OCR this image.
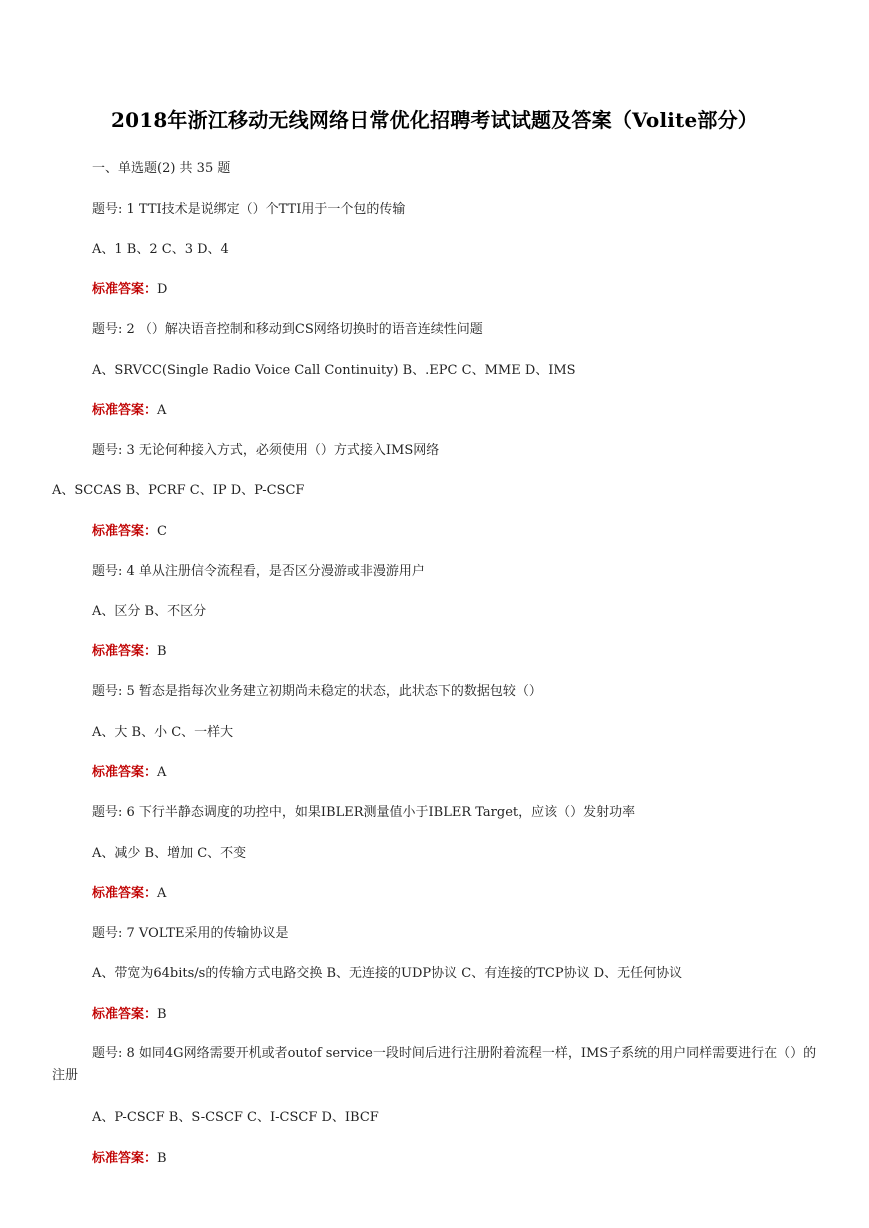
2018年浙江移动无线网络日常优化招聘考试试题及答案（Volite部分）
一、单选题(2) 共 35 题
题号: 1 TTI技术是说绑定（）个TTI用于一个包的传输
A、1 B、2 C、3 D、4
标准答案：D
题号: 2 （）解决语音控制和移动到CS网络切换时的语音连续性问题
A、SRVCC(Single Radio Voice Call Continuity) B、.EPC C、MME D、IMS
标准答案：A
题号: 3 无论何种接入方式，必须使用（）方式接入IMS网络
A、SCCAS B、PCRF C、IP D、P-CSCF
标准答案：C
题号: 4 单从注册信令流程看，是否区分漫游或非漫游用户
A、区分 B、不区分
标准答案：B
题号: 5 暂态是指每次业务建立初期尚未稳定的状态，此状态下的数据包较（）
A、大 B、小 C、一样大
标准答案：A
题号: 6 下行半静态调度的功控中，如果IBLER测量值小于IBLER Target，应该（）发射功率
A、减少 B、增加 C、不变
标准答案：A
题号: 7 VOLTE采用的传输协议是
A、带宽为64bits/s的传输方式电路交换 B、无连接的UDP协议 C、有连接的TCP协议 D、无任何协议
标准答案：B
题号: 8 如同4G网络需要开机或者outof service一段时间后进行注册附着流程一样，IMS子系统的用户同样需要进行在（）的注册
A、P-CSCF B、S-CSCF C、I-CSCF D、IBCF
标准答案：B
